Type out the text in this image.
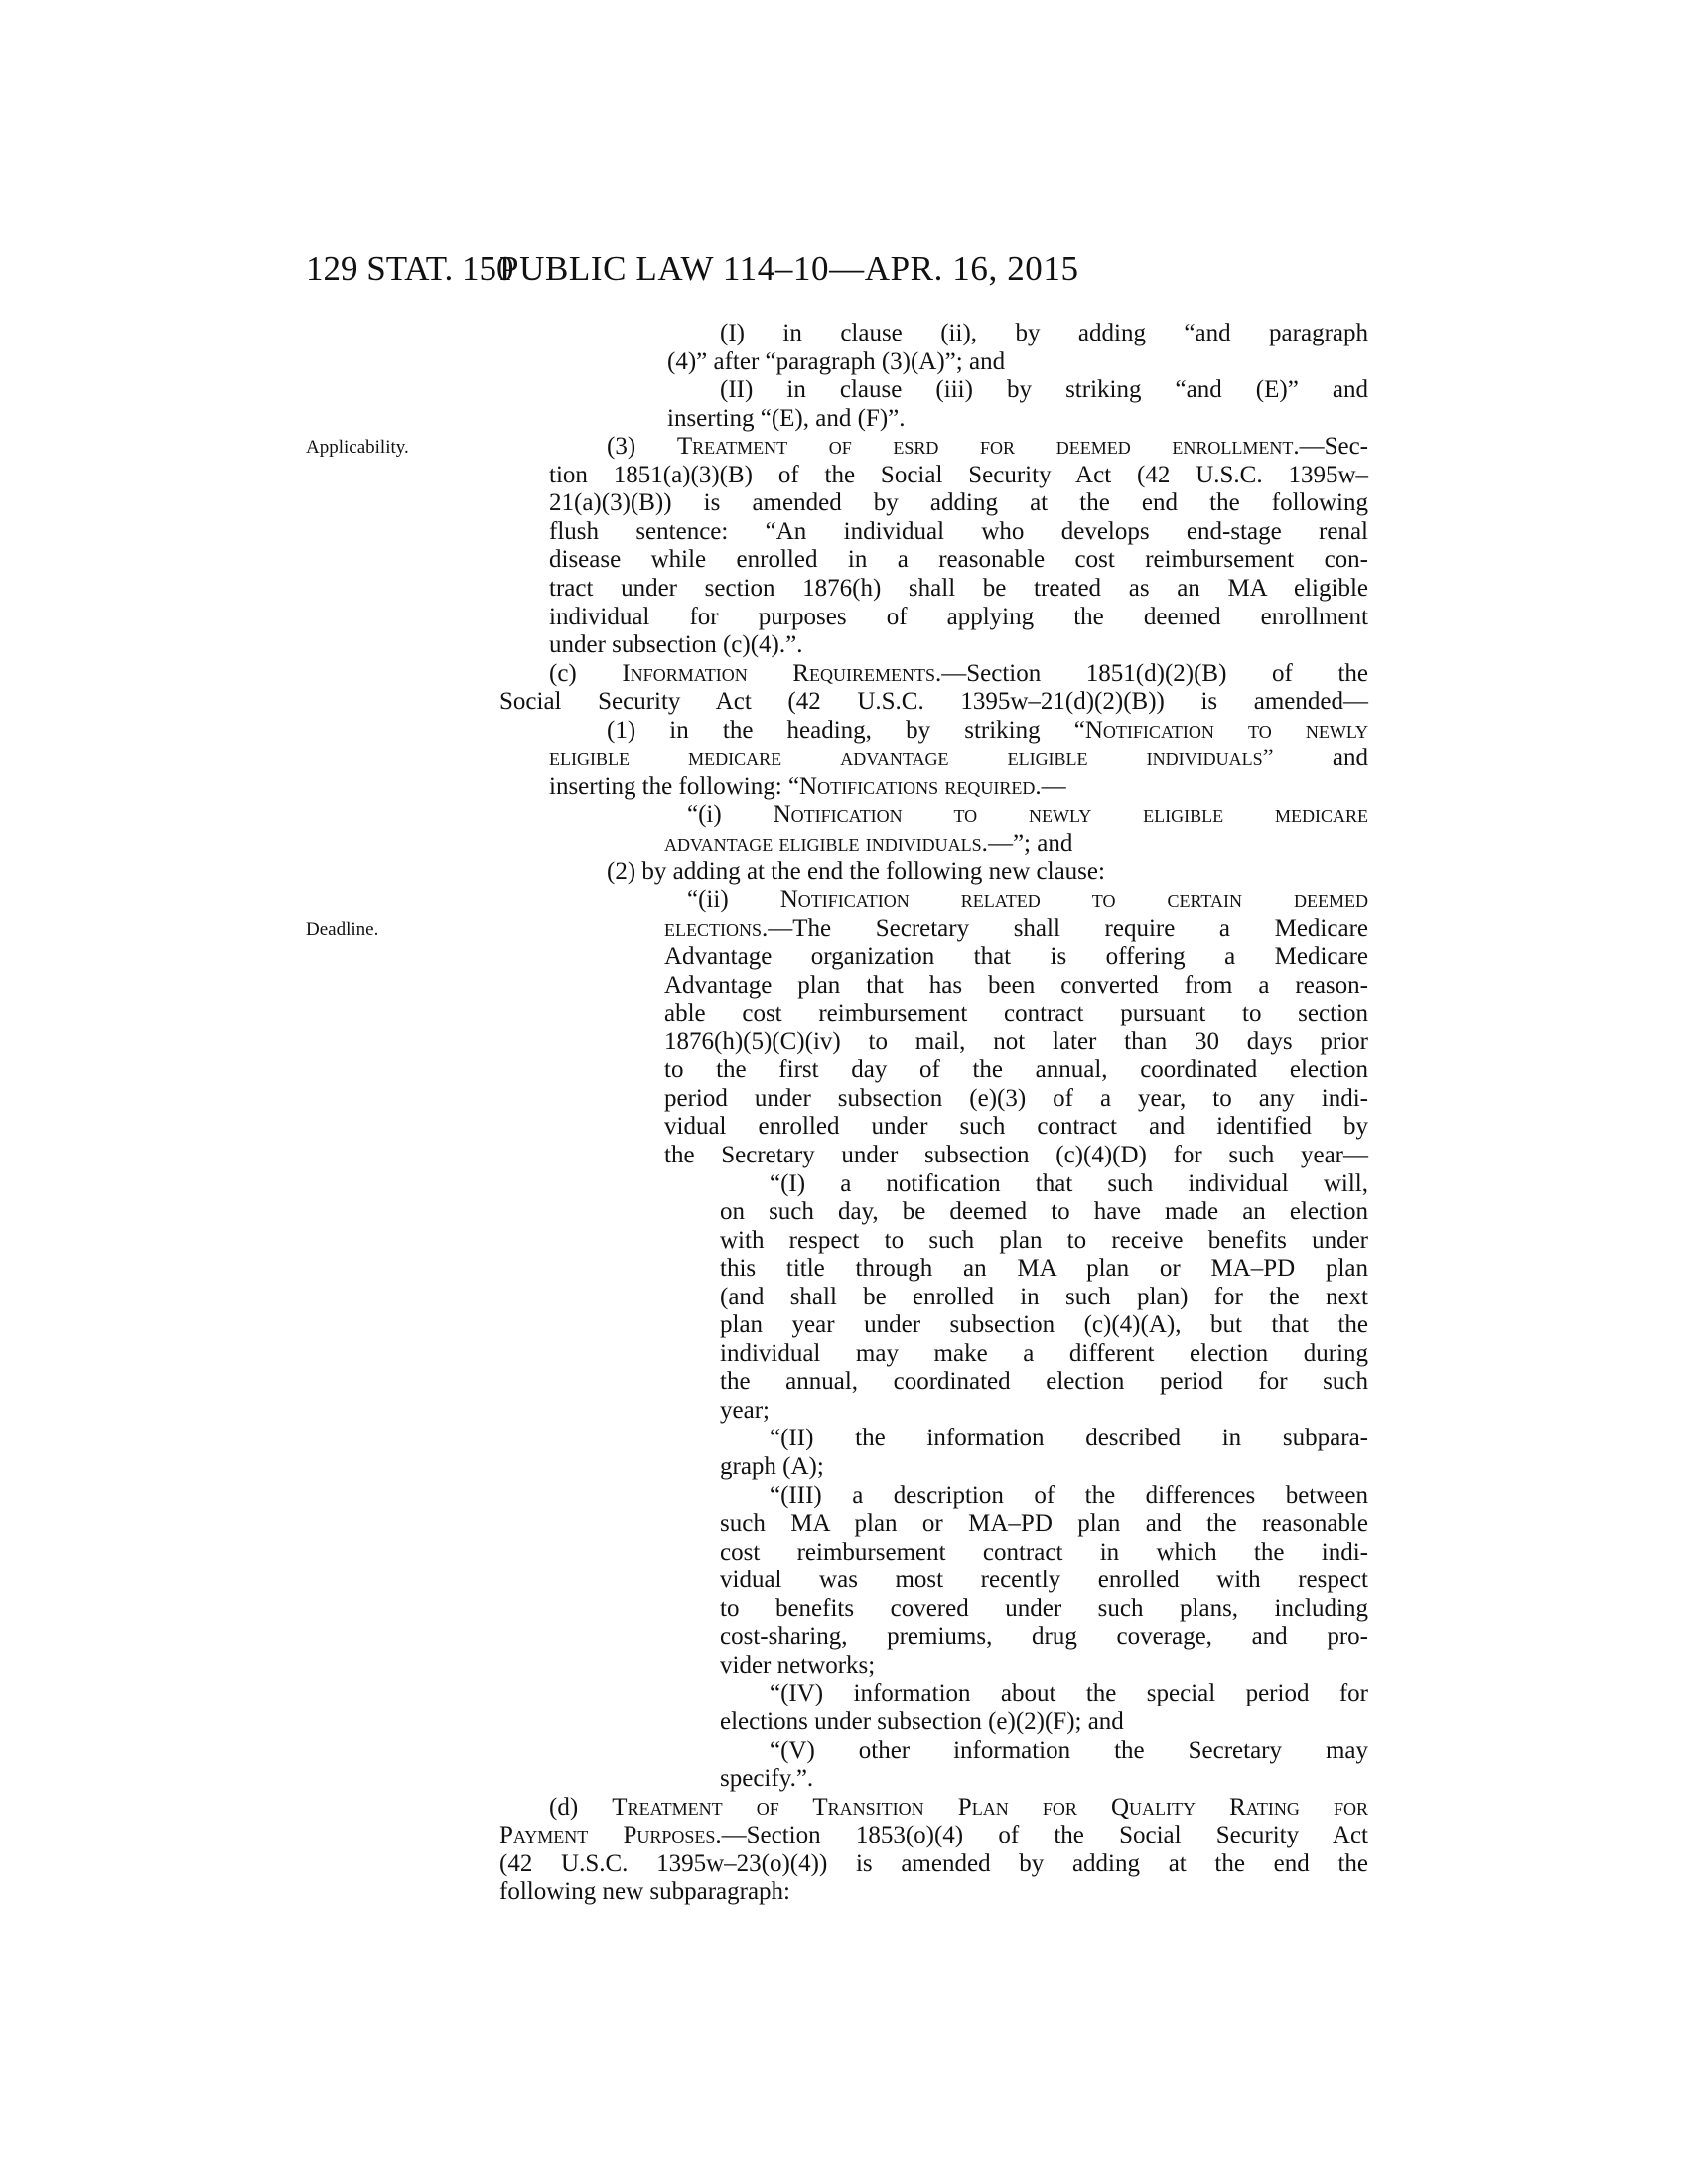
129 STAT. 150
PUBLIC LAW 114–10—APR. 16, 2015
Applicability.
Deadline.
(I) in clause (ii), by adding “and paragraph
(4)” after “paragraph (3)(A)”; and
(II) in clause (iii) by striking “and (E)” and
inserting “(E), and (F)”.
(3) Treatment of esrd for deemed enrollment.—Sec-
tion 1851(a)(3)(B) of the Social Security Act (42 U.S.C. 1395w–
21(a)(3)(B)) is amended by adding at the end the following
flush sentence: “An individual who develops end-stage renal
disease while enrolled in a reasonable cost reimbursement con-
tract under section 1876(h) shall be treated as an MA eligible
individual for purposes of applying the deemed enrollment
under subsection (c)(4).”.
(c) Information Requirements.—Section 1851(d)(2)(B) of the
Social Security Act (42 U.S.C. 1395w–21(d)(2)(B)) is amended—
(1) in the heading, by striking “Notification to newly
eligible medicare advantage eligible individuals” and
inserting the following: “Notifications required.—
“(i) Notification to newly eligible medicare
advantage eligible individuals.—”; and
(2) by adding at the end the following new clause:
“(ii) Notification related to certain deemed
elections.—The Secretary shall require a Medicare
Advantage organization that is offering a Medicare
Advantage plan that has been converted from a reason-
able cost reimbursement contract pursuant to section
1876(h)(5)(C)(iv) to mail, not later than 30 days prior
to the first day of the annual, coordinated election
period under subsection (e)(3) of a year, to any indi-
vidual enrolled under such contract and identified by
the Secretary under subsection (c)(4)(D) for such year—
“(I) a notification that such individual will,
on such day, be deemed to have made an election
with respect to such plan to receive benefits under
this title through an MA plan or MA–PD plan
(and shall be enrolled in such plan) for the next
plan year under subsection (c)(4)(A), but that the
individual may make a different election during
the annual, coordinated election period for such
year;
“(II) the information described in subpara-
graph (A);
“(III) a description of the differences between
such MA plan or MA–PD plan and the reasonable
cost reimbursement contract in which the indi-
vidual was most recently enrolled with respect
to benefits covered under such plans, including
cost-sharing, premiums, drug coverage, and pro-
vider networks;
“(IV) information about the special period for
elections under subsection (e)(2)(F); and
“(V) other information the Secretary may
specify.”.
(d) Treatment of Transition Plan for Quality Rating for
Payment Purposes.—Section 1853(o)(4) of the Social Security Act
(42 U.S.C. 1395w–23(o)(4)) is amended by adding at the end the
following new subparagraph:
